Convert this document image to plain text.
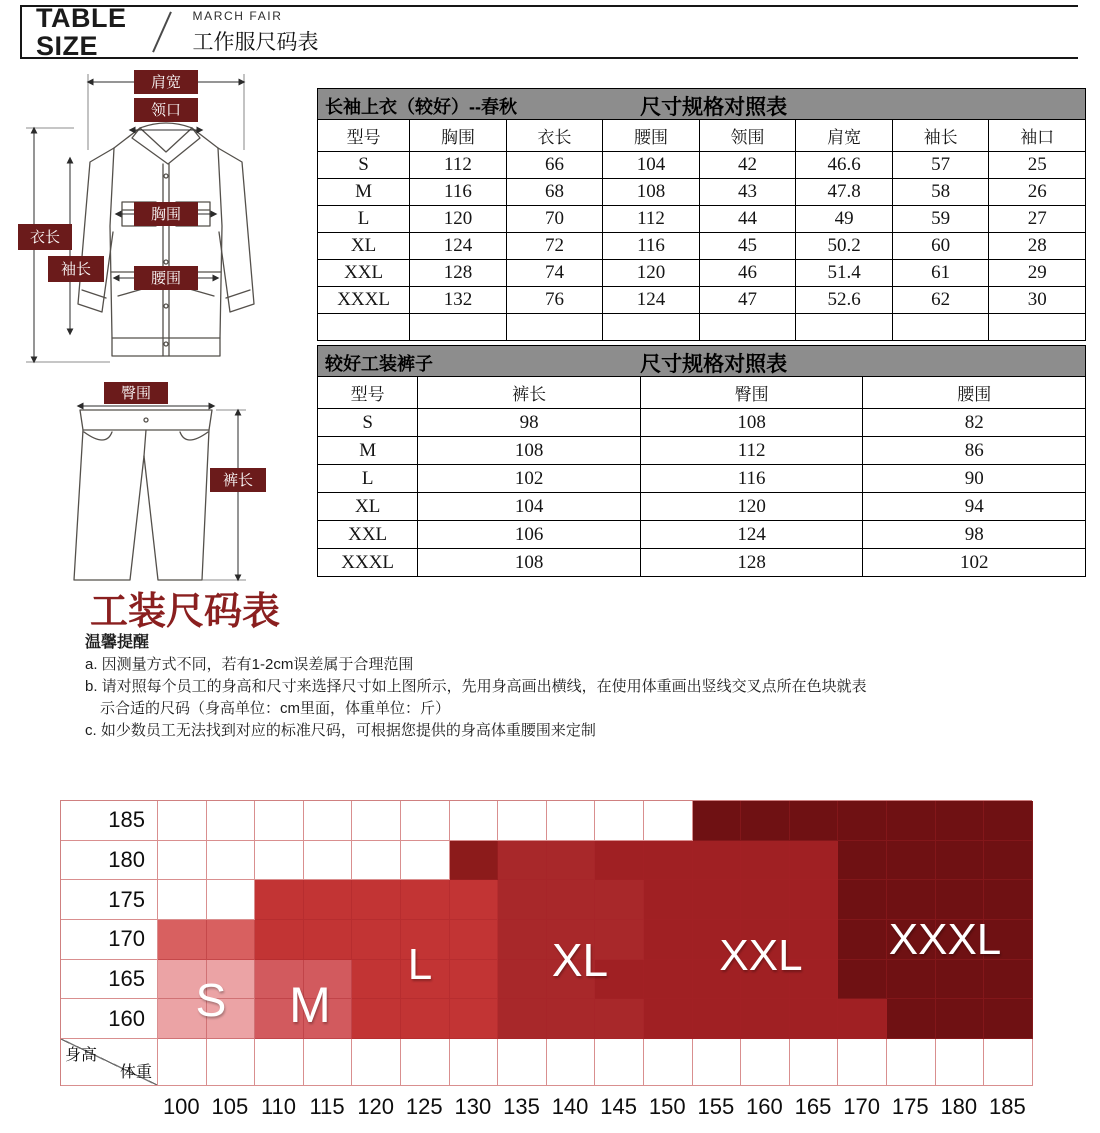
TABLE
SIZE
MARCH FAIR
工作服尺码表
肩宽
领口
衣长
袖长
胸围
腰围
臀围
裤长
长袖上衣（较好）--春秋	尺寸规格对照表
型号	胸围	衣长	腰围	领围	肩宽	袖长	袖口
S	112	66	104	42	46.6	57	25
M	116	68	108	43	47.8	58	26
L	120	70	112	44	49	59	27
XL	124	72	116	45	50.2	60	28
XXL	128	74	120	46	51.4	61	29
XXXL	132	76	124	47	52.6	62	30

较好工装裤子	尺寸规格对照表
型号	裤长	臀围	腰围
S	98	108	82
M	108	112	86
L	102	116	90
XL	104	120	94
XXL	106	124	98
XXXL	108	128	102
工装尺码表
温馨提醒
a. 因测量方式不同，若有1-2cm误差属于合理范围
b. 请对照每个员工的身高和尺寸来选择尺寸如上图所示，先用身高画出横线，在使用体重画出竖线交叉点所在色块就表
示合适的尺码（身高单位：cm里面，体重单位：斤）
c. 如少数员工无法找到对应的标准尺码，可根据您提供的身高体重腰围来定制
185
180
175
170
165
160
身高
体重
100 105 110 115 120 125 130 135 140 145 150 155 160 165 170 175 180 185
S M
L	XL	XXL XXXL
